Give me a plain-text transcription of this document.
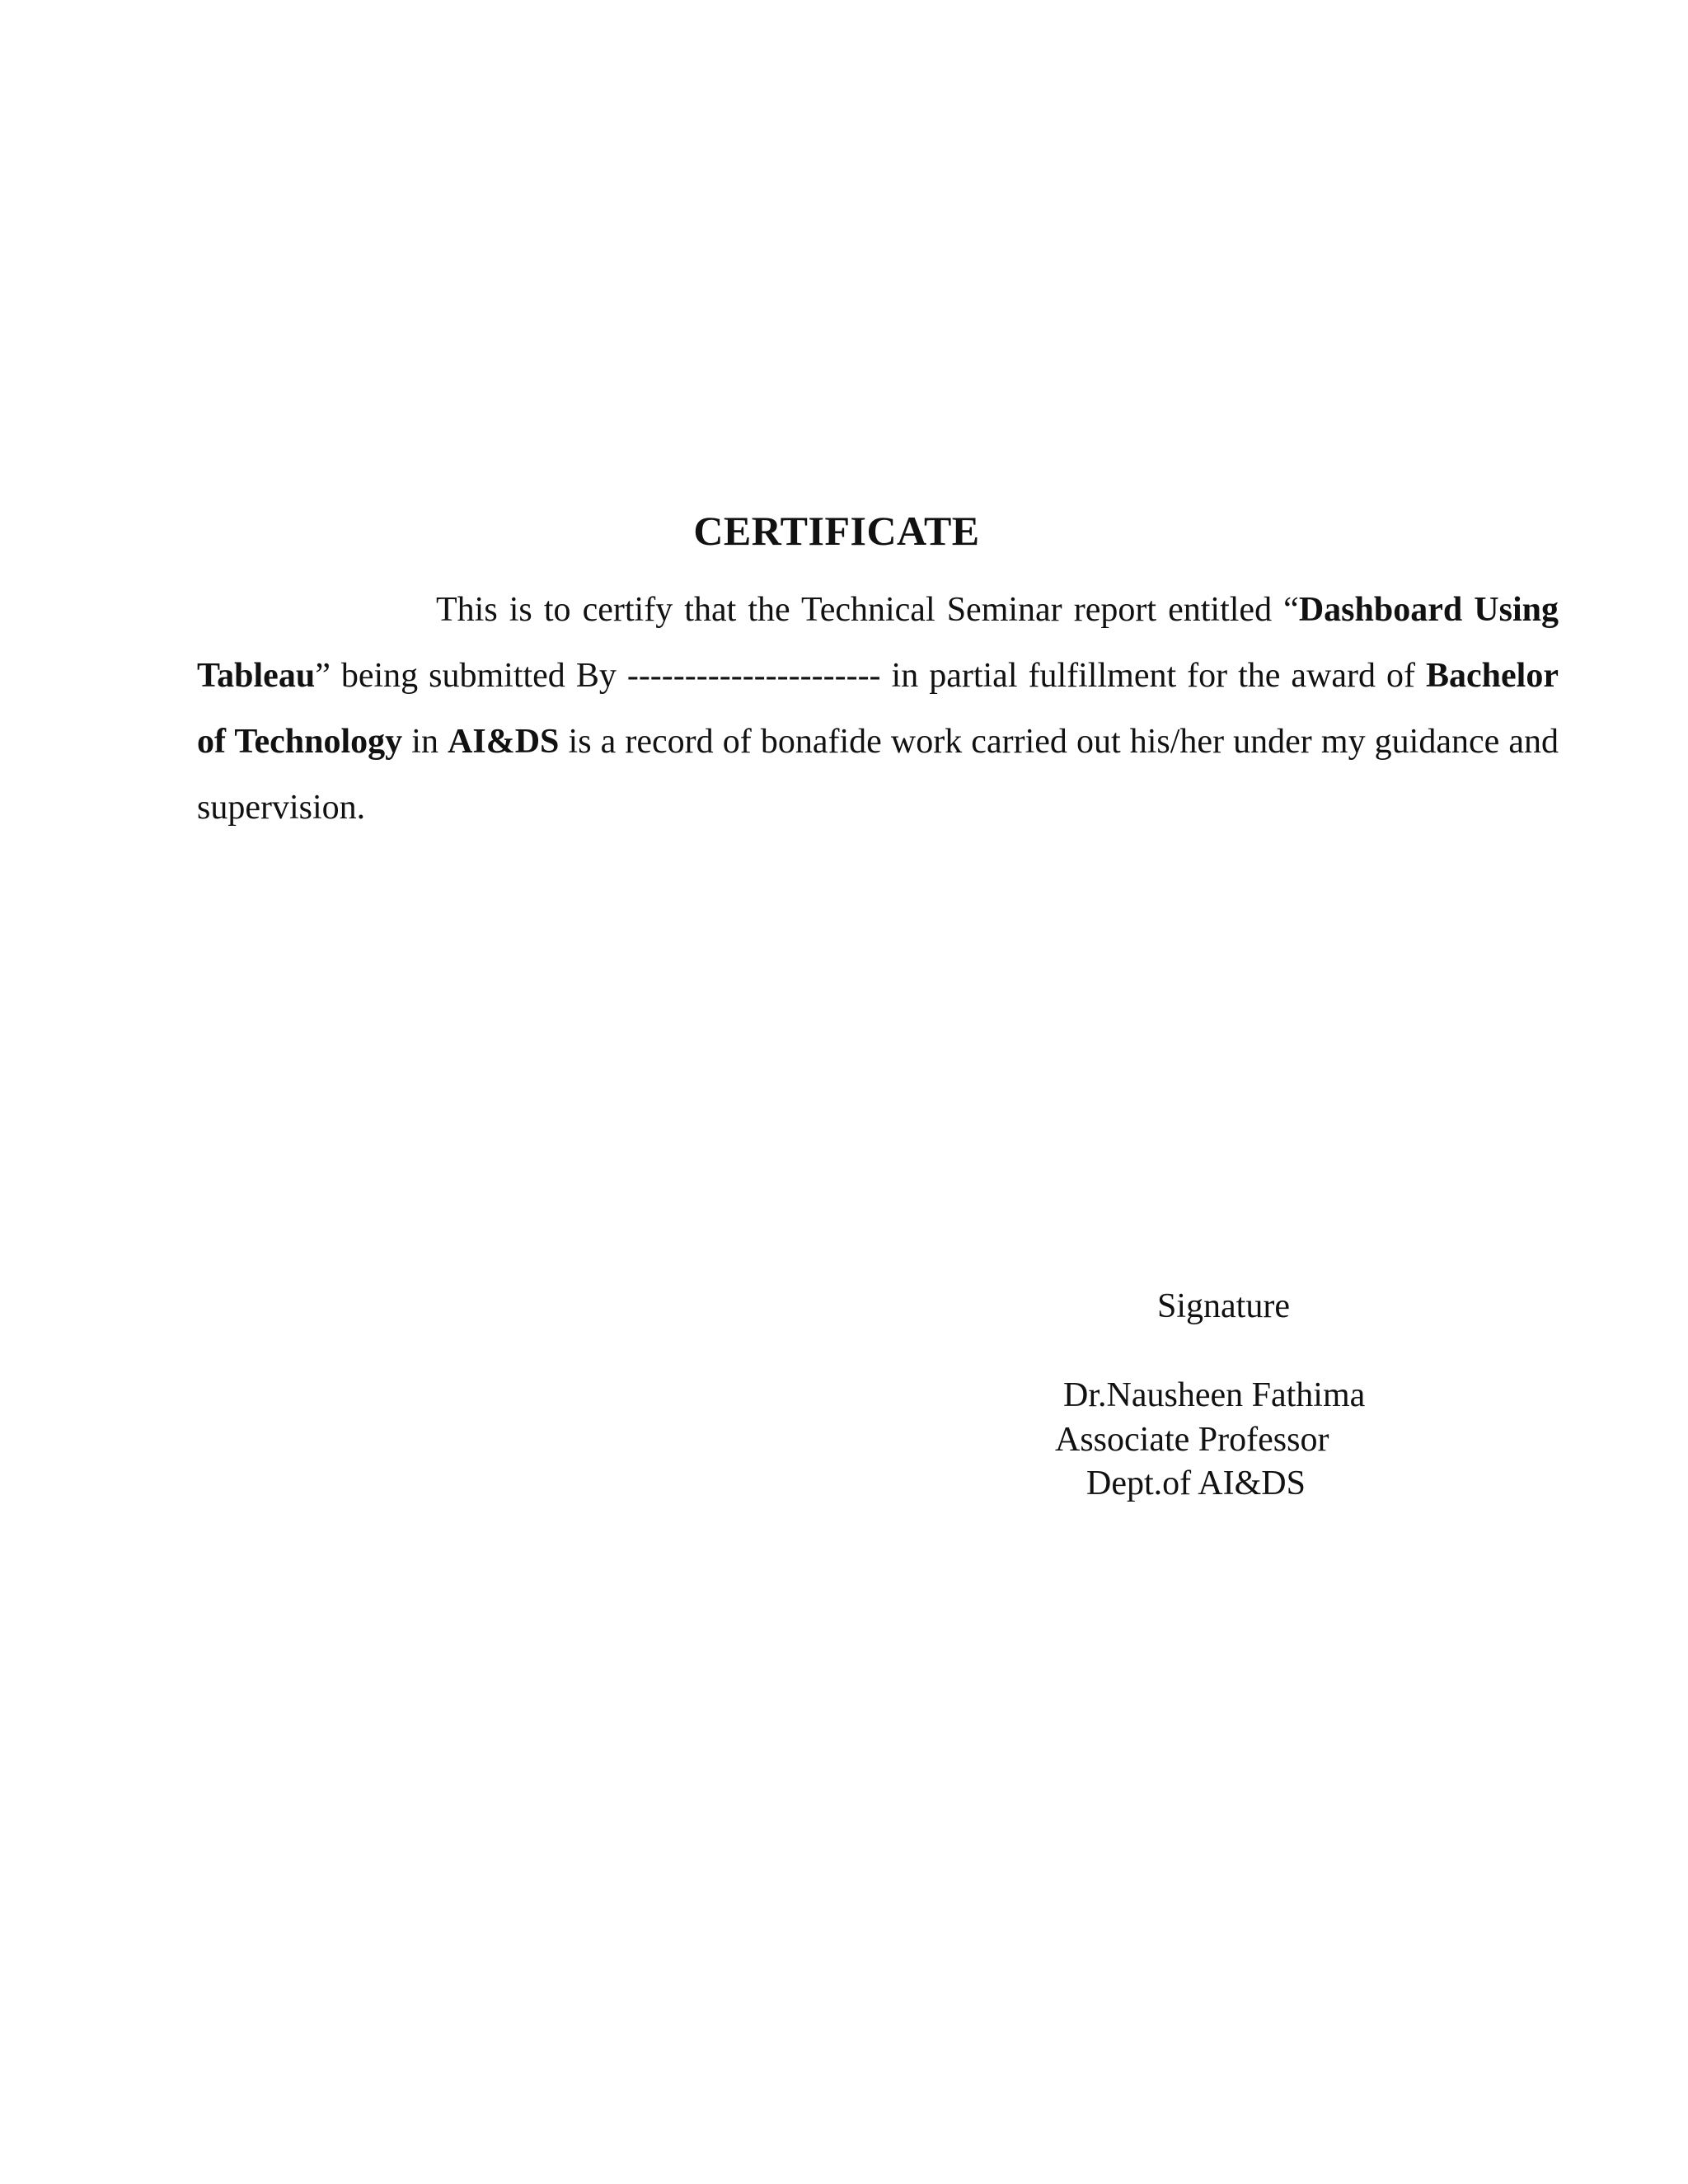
CERTIFICATE

This is to certify that the Technical Seminar report entitled “Dashboard Using Tableau” being submitted By ---------------------- in partial fulfillment for the award of Bachelor of Technology in AI&DS is a record of bonafide work carried out his/her under my guidance and supervision.

Signature
Dr.Nausheen Fathima
Associate Professor
Dept.of AI&DS
